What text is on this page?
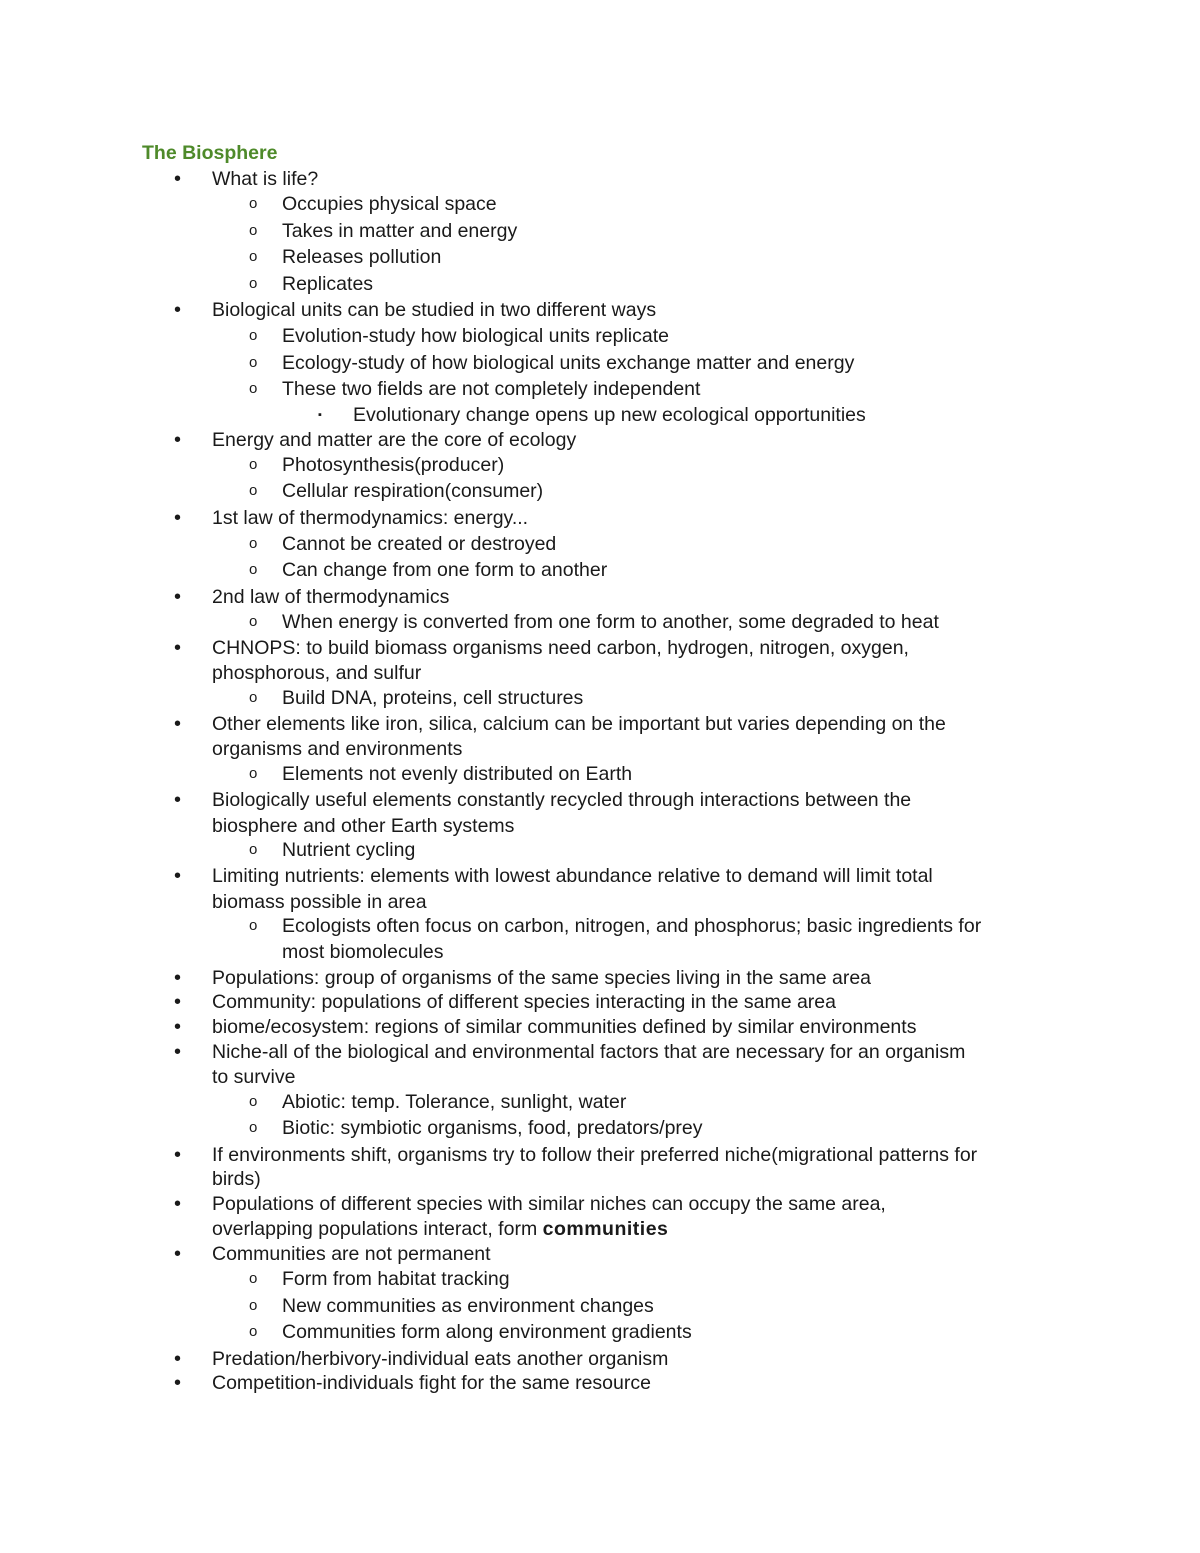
The Biosphere
• What is life?
o Occupies physical space
o Takes in matter and energy
o Releases pollution
o Replicates
• Biological units can be studied in two different ways
o Evolution-study how biological units replicate
o Ecology-study of how biological units exchange matter and energy
o These two fields are not completely independent
▪ Evolutionary change opens up new ecological opportunities
• Energy and matter are the core of ecology
o Photosynthesis(producer)
o Cellular respiration(consumer)
• 1st law of thermodynamics: energy...
o Cannot be created or destroyed
o Can change from one form to another
• 2nd law of thermodynamics
o When energy is converted from one form to another, some degraded to heat
• CHNOPS: to build biomass organisms need carbon, hydrogen, nitrogen, oxygen,
phosphorous, and sulfur
o Build DNA, proteins, cell structures
• Other elements like iron, silica, calcium can be important but varies depending on the
organisms and environments
o Elements not evenly distributed on Earth
• Biologically useful elements constantly recycled through interactions between the
biosphere and other Earth systems
o Nutrient cycling
• Limiting nutrients: elements with lowest abundance relative to demand will limit total
biomass possible in area
o Ecologists often focus on carbon, nitrogen, and phosphorus; basic ingredients for
most biomolecules
• Populations: group of organisms of the same species living in the same area
• Community: populations of different species interacting in the same area
• biome/ecosystem: regions of similar communities defined by similar environments
• Niche-all of the biological and environmental factors that are necessary for an organism
to survive
o Abiotic: temp. Tolerance, sunlight, water
o Biotic: symbiotic organisms, food, predators/prey
• If environments shift, organisms try to follow their preferred niche(migrational patterns for
birds)
• Populations of different species with similar niches can occupy the same area,
overlapping populations interact, form communities
• Communities are not permanent
o Form from habitat tracking
o New communities as environment changes
o Communities form along environment gradients
• Predation/herbivory-individual eats another organism
• Competition-individuals fight for the same resource
